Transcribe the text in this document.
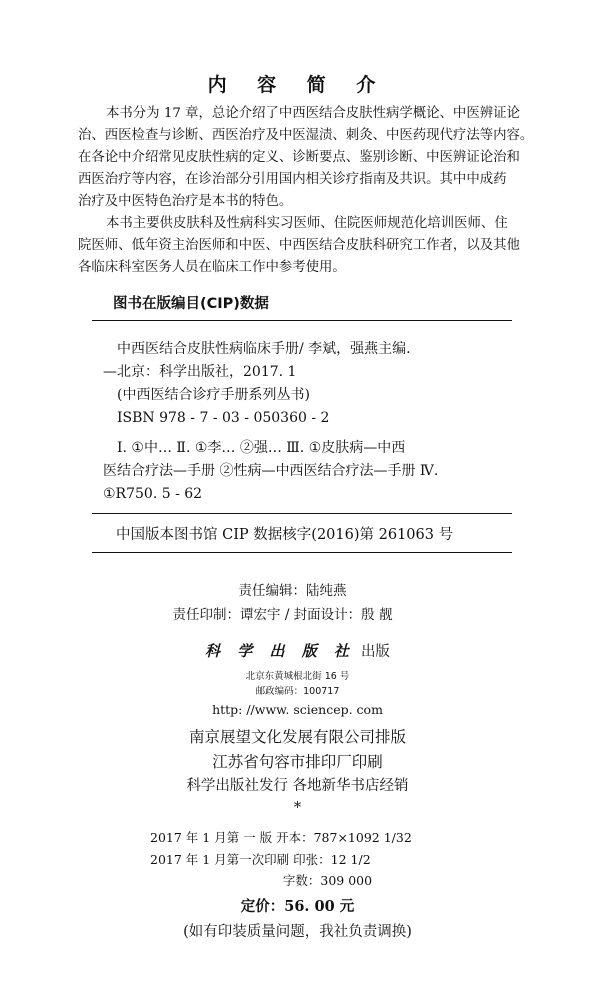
内 容 简 介
本书分为 17 章，总论介绍了中西医结合皮肤性病学概论、中医辨证论
治、西医检查与诊断、西医治疗及中医湿渍、刺灸、中医药现代疗法等内容。
在各论中介绍常见皮肤性病的定义、诊断要点、鉴别诊断、中医辨证论治和
西医治疗等内容，在诊治部分引用国内相关诊疗指南及共识。其中中成药
治疗及中医特色治疗是本书的特色。
本书主要供皮肤科及性病科实习医师、住院医师规范化培训医师、住
院医师、低年资主治医师和中医、中西医结合皮肤科研究工作者，以及其他
各临床科室医务人员在临床工作中参考使用。
图书在版编目(CIP)数据
中西医结合皮肤性病临床手册/ 李斌，强燕主编.
—北京：科学出版社，2017. 1
(中西医结合诊疗手册系列丛书)
ISBN 978 - 7 - 03 - 050360 - 2
Ⅰ. ①中… Ⅱ. ①李… ②强… Ⅲ. ①皮肤病—中西
医结合疗法—手册 ②性病—中西医结合疗法—手册 Ⅳ.
①R750. 5 - 62
中国版本图书馆 CIP 数据核字(2016)第 261063 号
责任编辑：陆纯燕
责任印制：谭宏宇 / 封面设计：殷 靓
科 学 出 版 社 出版
北京东黄城根北街 16 号
邮政编码：100717
http: //www. sciencep. com
南京展望文化发展有限公司排版
江苏省句容市排印厂印刷
科学出版社发行 各地新华书店经销
*
2017 年 1 月第 一 版 开本：787×1092 1/32
2017 年 1 月第一次印刷 印张：12 1/2
字数：309 000
定价：56. 00 元
(如有印装质量问题，我社负责调换)
